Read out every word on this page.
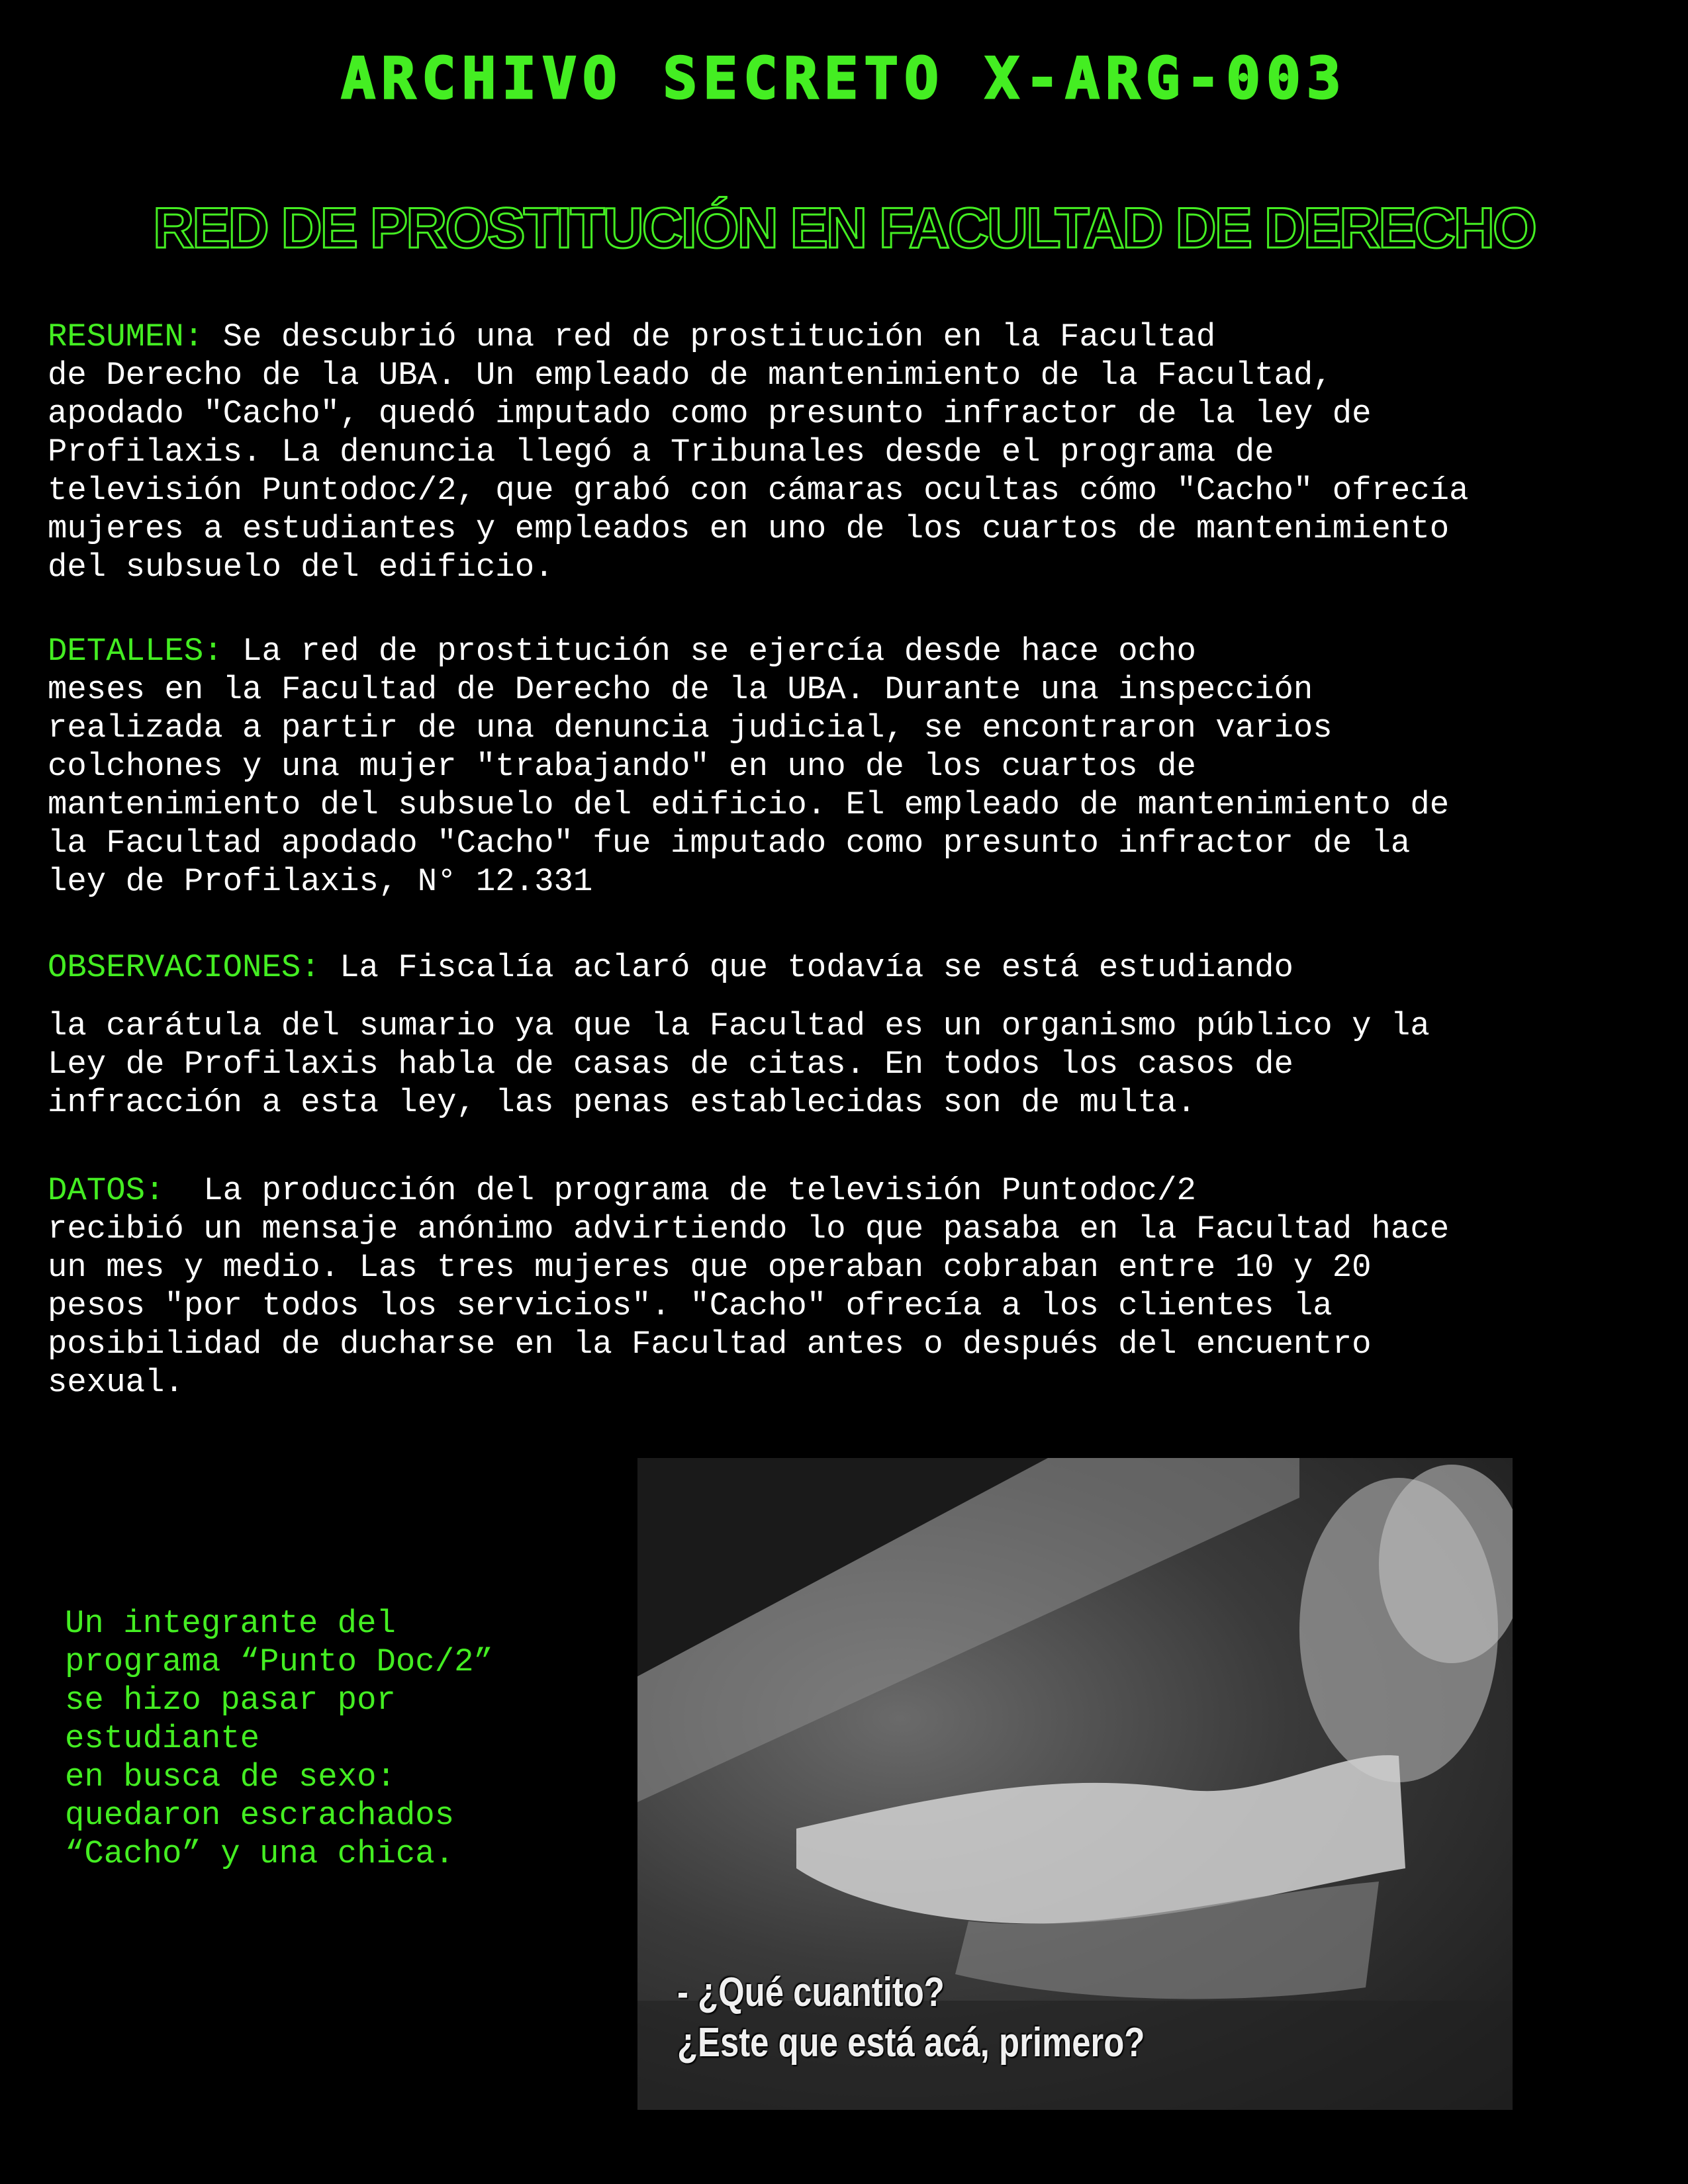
ARCHIVO SECRETO X-ARG-003
RED DE PROSTITUCIÓN EN FACULTAD DE DERECHO
RESUMEN: Se descubrió una red de prostitución en la Facultad
de Derecho de la UBA. Un empleado de mantenimiento de la Facultad,
apodado "Cacho", quedó imputado como presunto infractor de la ley de
Profilaxis. La denuncia llegó a Tribunales desde el programa de
televisión Puntodoc/2, que grabó con cámaras ocultas cómo "Cacho" ofrecía
mujeres a estudiantes y empleados en uno de los cuartos de mantenimiento
del subsuelo del edificio.
DETALLES: La red de prostitución se ejercía desde hace ocho
meses en la Facultad de Derecho de la UBA. Durante una inspección
realizada a partir de una denuncia judicial, se encontraron varios
colchones y una mujer "trabajando" en uno de los cuartos de
mantenimiento del subsuelo del edificio. El empleado de mantenimiento de
la Facultad apodado "Cacho" fue imputado como presunto infractor de la
ley de Profilaxis, N° 12.331
OBSERVACIONES: La Fiscalía aclaró que todavía se está estudiando
la carátula del sumario ya que la Facultad es un organismo público y la
Ley de Profilaxis habla de casas de citas. En todos los casos de
infracción a esta ley, las penas establecidas son de multa.
DATOS:  La producción del programa de televisión Puntodoc/2
recibió un mensaje anónimo advirtiendo lo que pasaba en la Facultad hace
un mes y medio. Las tres mujeres que operaban cobraban entre 10 y 20
pesos "por todos los servicios". "Cacho" ofrecía a los clientes la
posibilidad de ducharse en la Facultad antes o después del encuentro
sexual.
Un integrante del
programa “Punto Doc/2”
se hizo pasar por
estudiante
en busca de sexo:
quedaron escrachados
“Cacho” y una chica.
- ¿Qué cuantito?
¿Este que está acá, primero?
